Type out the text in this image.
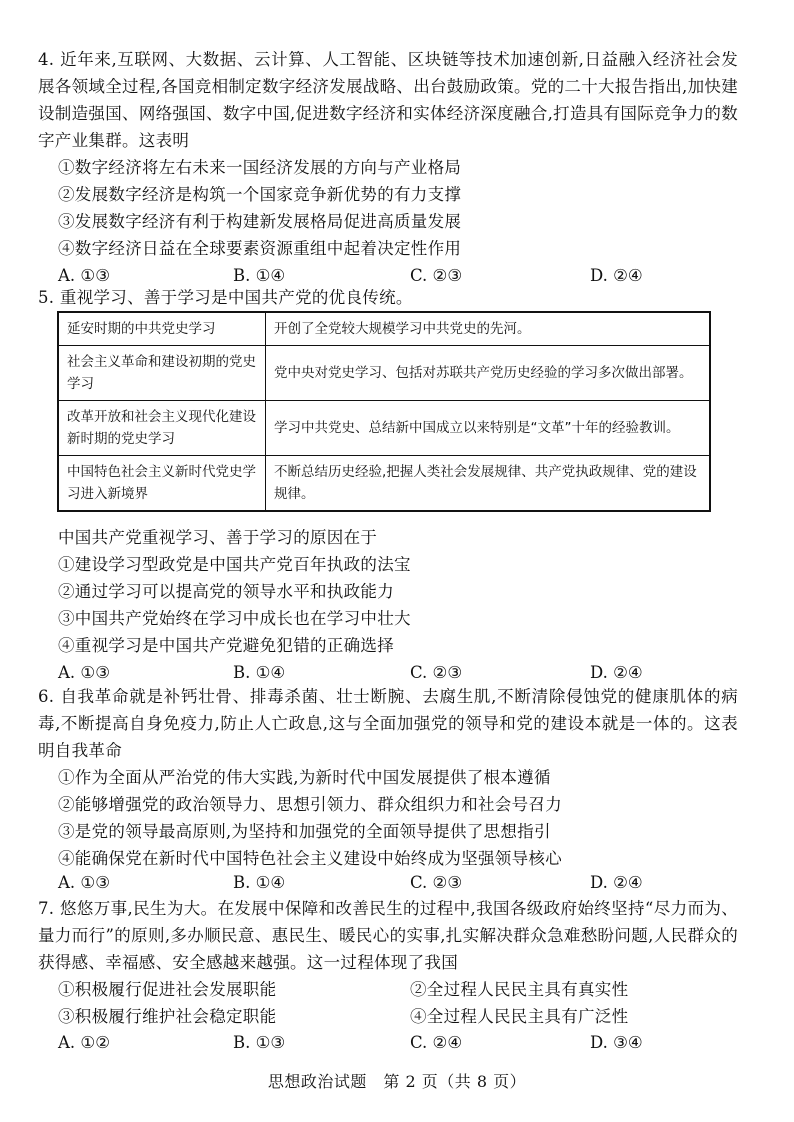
4. 近年来,互联网、大数据、云计算、人工智能、区块链等技术加速创新,日益融入经济社会发展各领域全过程,各国竞相制定数字经济发展战略、出台鼓励政策。党的二十大报告指出,加快建设制造强国、网络强国、数字中国,促进数字经济和实体经济深度融合,打造具有国际竞争力的数字产业集群。这表明
①数字经济将左右未来一国经济发展的方向与产业格局
②发展数字经济是构筑一个国家竞争新优势的有力支撑
③发展数字经济有利于构建新发展格局促进高质量发展
④数字经济日益在全球要素资源重组中起着决定性作用
A. ①③	B. ①④	C. ②③	D. ②④
5. 重视学习、善于学习是中国共产党的优良传统。
延安时期的中共党史学习	开创了全党较大规模学习中共党史的先河。
社会主义革命和建设初期的党史学习	党中央对党史学习、包括对苏联共产党历史经验的学习多次做出部署。
改革开放和社会主义现代化建设新时期的党史学习	学习中共党史、总结新中国成立以来特别是“文革”十年的经验教训。
中国特色社会主义新时代党史学习进入新境界	不断总结历史经验,把握人类社会发展规律、共产党执政规律、党的建设规律。
中国共产党重视学习、善于学习的原因在于
①建设学习型政党是中国共产党百年执政的法宝
②通过学习可以提高党的领导水平和执政能力
③中国共产党始终在学习中成长也在学习中壮大
④重视学习是中国共产党避免犯错的正确选择
A. ①③	B. ①④	C. ②③	D. ②④
6. 自我革命就是补钙壮骨、排毒杀菌、壮士断腕、去腐生肌,不断清除侵蚀党的健康肌体的病毒,不断提高自身免疫力,防止人亡政息,这与全面加强党的领导和党的建设本就是一体的。这表明自我革命
①作为全面从严治党的伟大实践,为新时代中国发展提供了根本遵循
②能够增强党的政治领导力、思想引领力、群众组织力和社会号召力
③是党的领导最高原则,为坚持和加强党的全面领导提供了思想指引
④能确保党在新时代中国特色社会主义建设中始终成为坚强领导核心
A. ①③	B. ①④	C. ②③	D. ②④
7. 悠悠万事,民生为大。在发展中保障和改善民生的过程中,我国各级政府始终坚持“尽力而为、量力而行”的原则,多办顺民意、惠民生、暖民心的实事,扎实解决群众急难愁盼问题,人民群众的获得感、幸福感、安全感越来越强。这一过程体现了我国
①积极履行促进社会发展职能	②全过程人民民主具有真实性
③积极履行维护社会稳定职能	④全过程人民民主具有广泛性
A. ①②	B. ①③	C. ②④	D. ③④
思想政治试题　第 2 页（共 8 页）
